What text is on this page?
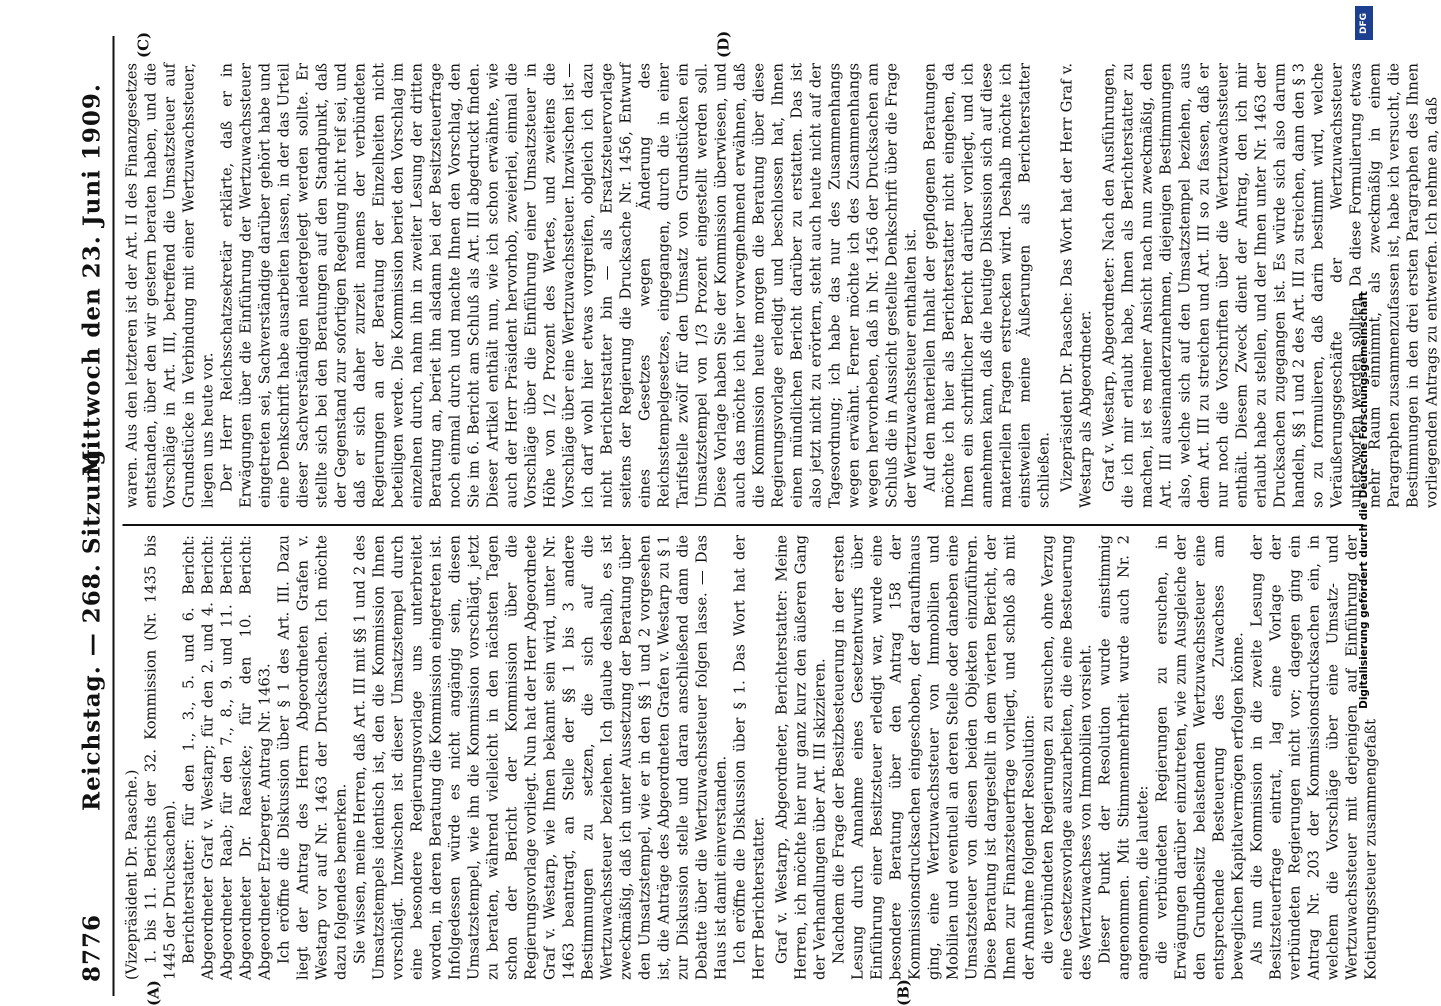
8776
Reichstag. — 268. Sitzung.
Mittwoch den 23. Juni 1909.
(A)	(B)
(C)	(D)

(Vizepräsident Dr. Paasche.) 1. bis 11. Berichts der 32. Kommission (Nr. 1435 bis 1445 der Drucksachen). Berichterstatter: für den 1., 3., 5. und 6. Bericht: Abgeordneter Graf v. Westarp; für den 2. und 4. Bericht: Abgeordneter Raab; für den 7., 8., 9. und 11. Bericht: Abgeordneter Dr. Raesicke; für den 10. Bericht: Abgeordneter Erzberger. Antrag Nr. 1463. Ich eröffne die Diskussion über § 1 des Art. III. Dazu liegt der Antrag des Herrn Abgeordneten Grafen v. Westarp vor auf Nr. 1463 der Drucksachen. Ich möchte dazu folgendes bemerken. Sie wissen, meine Herren, daß Art. III mit §§ 1 und 2 des Umsatzstempels identisch ist, den die Kommission Ihnen vorschlägt. Inzwischen ist dieser Umsatzstempel durch eine besondere Regierungsvorlage uns unterbreitet worden, in deren Beratung die Kommission eingetreten ist. Infolgedessen würde es nicht angängig sein, diesen Umsatzstempel, wie ihn die Kommission vorschlägt, jetzt zu beraten, während vielleicht in den nächsten Tagen schon der Bericht der Kommission über die Regierungsvorlage vorliegt. Nun hat der Herr Abgeordnete Graf v. Westarp, wie Ihnen bekannt sein wird, unter Nr. 1463 beantragt, an Stelle der §§ 1 bis 3 andere Bestimmungen zu setzen, die sich auf die Wertzuwachssteuer beziehen. Ich glaube deshalb, es ist zweckmäßig, daß ich unter Aussetzung der Beratung über den Umsatzstempel, wie er in den §§ 1 und 2 vorgesehen ist, die Anträge des Abgeordneten Grafen v. Westarp zu § 1 zur Diskussion stelle und daran anschließend dann die Debatte über die Wertzuwachssteuer folgen lasse. — Das Haus ist damit einverstanden. Ich eröffne die Diskussion über § 1. Das Wort hat der Herr Berichterstatter. Graf v. Westarp, Abgeordneter, Berichterstatter: Meine Herren, ich möchte hier nur ganz kurz den äußeren Gang der Verhandlungen über Art. III skizzieren. Nachdem die Frage der Besitzbesteuerung in der ersten Lesung durch Annahme eines Gesetzentwurfs über Einführung einer Besitzsteuer erledigt war, wurde eine besondere Beratung über den Antrag 158 der Kommissionsdrucksachen eingeschoben, der daraufhinaus ging, eine Wertzuwachssteuer von Immobilien und Mobilien und eventuell an deren Stelle oder daneben eine Umsatzsteuer von diesen beiden Objekten einzuführen. Diese Beratung ist dargestellt in dem vierten Bericht, der Ihnen zur Finanzsteuerfrage vorliegt, und schloß ab mit der Annahme folgender Resolution: die verbündeten Regierungen zu ersuchen, ohne Verzug eine Gesetzesvorlage auszuarbeiten, die eine Besteuerung des Wertzuwachses von Immobilien vorsieht. Dieser Punkt der Resolution wurde einstimmig angenommen. Mit Stimmenmehrheit wurde auch Nr. 2 angenommen, die lautete: die verbündeten Regierungen zu ersuchen, in Erwägungen darüber einzutreten, wie zum Ausgleiche der den Grundbesitz belastenden Wertzuwachssteuer eine entsprechende Besteuerung des Zuwachses am beweglichen Kapitalvermögen erfolgen könne. Als nun die Kommission in die zweite Lesung der Besitzsteuerfrage eintrat, lag eine Vorlage der verbündeten Regierungen nicht vor; dagegen ging ein Antrag Nr. 203 der Kommissionsdrucksachen ein, in welchem die Vorschläge über eine Umsatz- und Wertzuwachssteuer mit derjenigen auf Einführung der Kotierungssteuer zusammengefaßt

waren. Aus den letzteren ist der Art. II des Finanzgesetzes entstanden, über den wir gestern beraten haben, und die Vorschläge in Art. III, betreffend die Umsatzsteuer auf Grundstücke in Verbindung mit einer Wertzuwachssteuer, liegen uns heute vor. Der Herr Reichsschatzsekretär erklärte, daß er in Erwägungen über die Einführung der Wertzuwachssteuer eingetreten sei, Sachverständige darüber gehört habe und eine Denkschrift habe ausarbeiten lassen, in der das Urteil dieser Sachverständigen niedergelegt werden sollte. Er stellte sich bei den Beratungen auf den Standpunkt, daß der Gegenstand zur sofortigen Regelung nicht reif sei, und daß er sich daher zurzeit namens der verbündeten Regierungen an der Beratung der Einzelheiten nicht beteiligen werde. Die Kommission beriet den Vorschlag im einzelnen durch, nahm ihn in zweiter Lesung der dritten Beratung an, beriet ihn alsdann bei der Besitzsteuerfrage noch einmal durch und machte Ihnen den Vorschlag, den Sie im 6. Bericht am Schluß als Art. III abgedruckt finden. Dieser Artikel enthält nun, wie ich schon erwähnte, wie auch der Herr Präsident hervorhob, zweierlei, einmal die Vorschläge über die Einführung einer Umsatzsteuer in Höhe von 1/2 Prozent des Wertes, und zweitens die Vorschläge über eine Wertzuwachssteuer. Inzwischen ist — ich darf wohl hier etwas vorgreifen, obgleich ich dazu nicht Berichterstatter bin — als Ersatzsteuervorlage seitens der Regierung die Drucksache Nr. 1456, Entwurf eines Gesetzes wegen Änderung des Reichsstempelgesetzes, eingegangen, durch die in einer Tarifstelle zwölf für den Umsatz von Grundstücken ein Umsatzstempel von 1/3 Prozent eingestellt werden soll. Diese Vorlage haben Sie der Kommission überwiesen, und auch das möchte ich hier vorwegnehmend erwähnen, daß die Kommission heute morgen die Beratung über diese Regierungsvorlage erledigt und beschlossen hat, Ihnen einen mündlichen Bericht darüber zu erstatten. Das ist also jetzt nicht zu erörtern, steht auch heute nicht auf der Tagesordnung; ich habe das nur des Zusammenhangs wegen erwähnt. Ferner möchte ich des Zusammenhangs wegen hervorheben, daß in Nr. 1456 der Drucksachen am Schluß die in Aussicht gestellte Denkschrift über die Frage der Wertzuwachssteuer enthalten ist. Auf den materiellen Inhalt der gepflogenen Beratungen möchte ich hier als Berichterstatter nicht eingehen, da Ihnen ein schriftlicher Bericht darüber vorliegt, und ich annehmen kann, daß die heutige Diskussion sich auf diese materiellen Fragen erstrecken wird. Deshalb möchte ich einstweilen meine Äußerungen als Berichterstatter schließen. Vizepräsident Dr. Paasche: Das Wort hat der Herr Graf v. Westarp als Abgeordneter. Graf v. Westarp, Abgeordneter: Nach den Ausführungen, die ich mir erlaubt habe, Ihnen als Berichterstatter zu machen, ist es meiner Ansicht nach nun zweckmäßig, den Art. III auseinanderzunehmen, diejenigen Bestimmungen also, welche sich auf den Umsatzstempel beziehen, aus dem Art. III zu streichen und Art. III so zu fassen, daß er nur noch die Vorschriften über die Wertzuwachssteuer enthält. Diesem Zweck dient der Antrag, den ich mir erlaubt habe zu stellen, und der Ihnen unter Nr. 1463 der Drucksachen zugegangen ist. Es würde sich also darum handeln, §§ 1 und 2 des Art. III zu streichen, dann den § 3 so zu formulieren, daß darin bestimmt wird, welche Veräußerungsgeschäfte der Wertzuwachssteuer unterworfen werden sollten. Da diese Formulierung etwas mehr Raum einnimmt, als zweckmäßig in einem Paragraphen zusammenzufassen ist, habe ich versucht, die Bestimmungen in den drei ersten Paragraphen des Ihnen vorliegenden Antrags zu entwerfen. Ich nehme an, daß

DFG
Digitalisierung gefördert durch die Deutsche Forschungsgemeinschaft
